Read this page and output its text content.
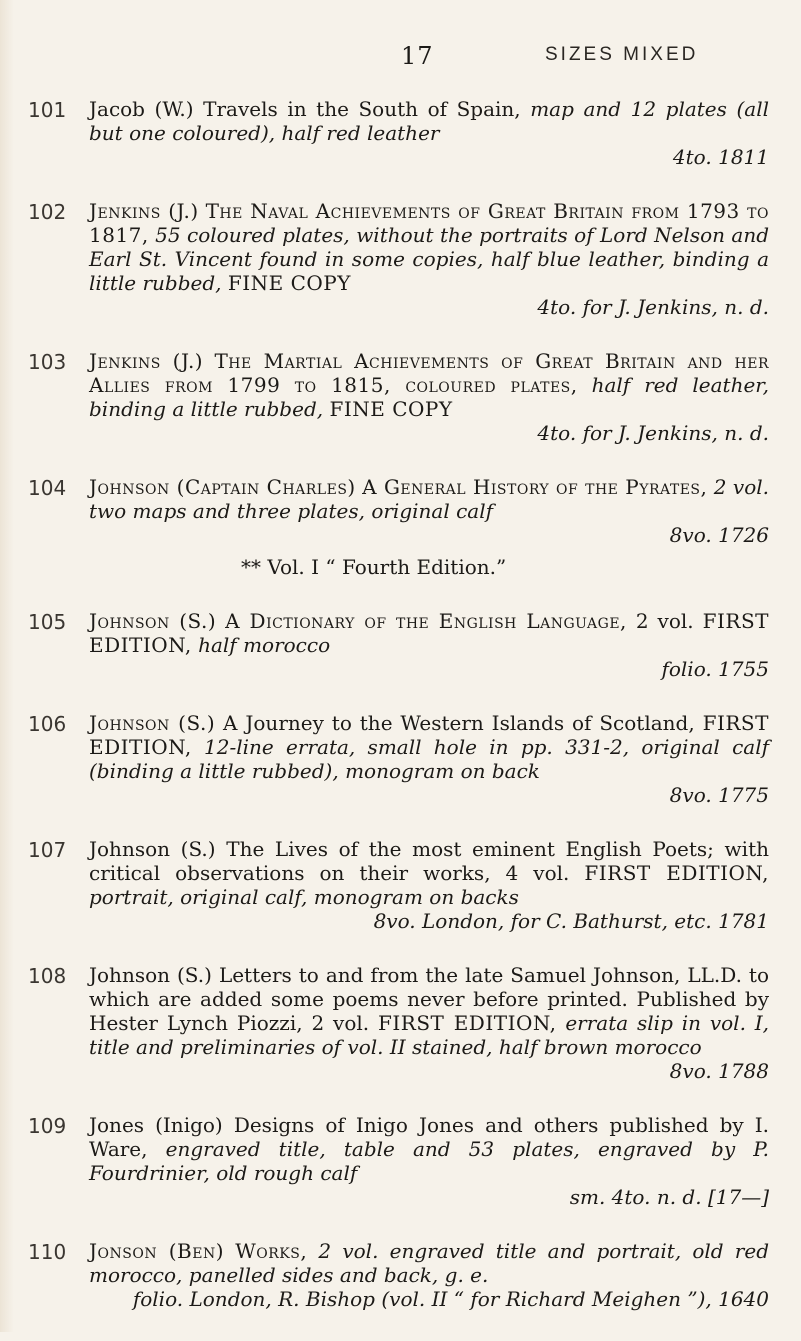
17	SIZES MIXED
101 Jacob (W.) Travels in the South of Spain, map and 12 plates (all but one coloured), half red leather
4to. 1811
102 Jenkins (J.) The Naval Achievements of Great Britain from 1793 to 1817, 55 coloured plates, without the portraits of Lord Nelson and Earl St. Vincent found in some copies, half blue leather, binding a little rubbed, FINE COPY
4to. for J. Jenkins, n. d.
103 Jenkins (J.) The Martial Achievements of Great Britain and her Allies from 1799 to 1815, coloured plates, half red leather, binding a little rubbed, FINE COPY
4to. for J. Jenkins, n. d.
104 Johnson (Captain Charles) A General History of the Pyrates, 2 vol. two maps and three plates, original calf
8vo. 1726
** Vol. I “ Fourth Edition.”
105 Johnson (S.) A Dictionary of the English Language, 2 vol. FIRST EDITION, half morocco
folio. 1755
106 Johnson (S.) A Journey to the Western Islands of Scotland, FIRST EDITION, 12-line errata, small hole in pp. 331-2, original calf (binding a little rubbed), monogram on back
8vo. 1775
107 Johnson (S.) The Lives of the most eminent English Poets; with critical observations on their works, 4 vol. FIRST EDITION, portrait, original calf, monogram on backs
8vo. London, for C. Bathurst, etc. 1781
108 Johnson (S.) Letters to and from the late Samuel Johnson, LL.D. to which are added some poems never before printed. Published by Hester Lynch Piozzi, 2 vol. FIRST EDITION, errata slip in vol. I, title and preliminaries of vol. II stained, half brown morocco
8vo. 1788
109 Jones (Inigo) Designs of Inigo Jones and others published by I. Ware, engraved title, table and 53 plates, engraved by P. Fourdrinier, old rough calf
sm. 4to. n. d. [17—]
110 Jonson (Ben) Works, 2 vol. engraved title and portrait, old red morocco, panelled sides and back, g. e.
folio. London, R. Bishop (vol. II “ for Richard Meighen ”), 1640
